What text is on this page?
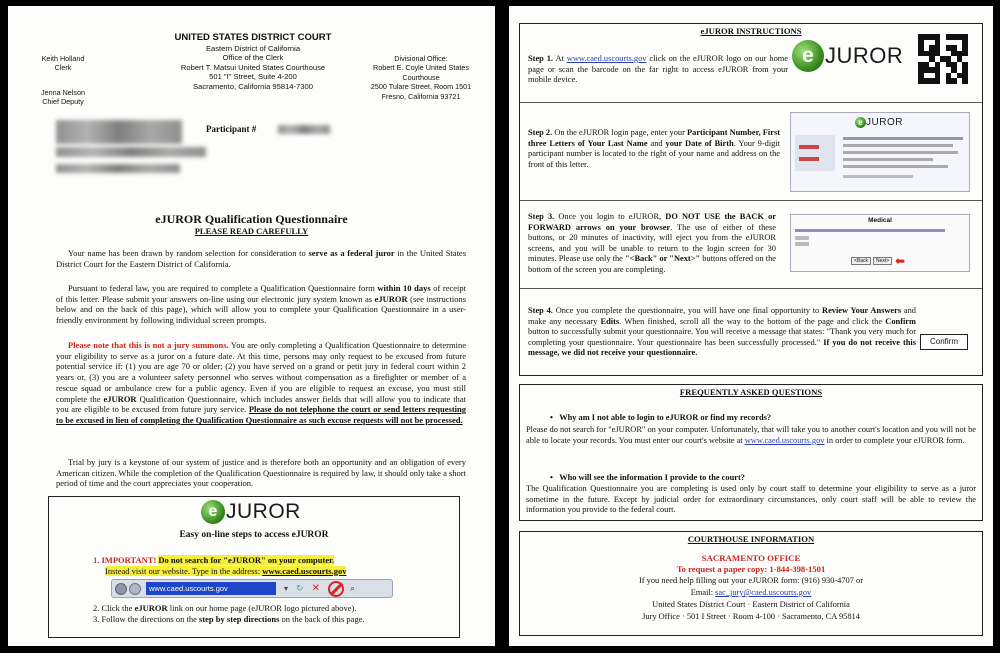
UNITED STATES DISTRICT COURT
Eastern District of California
Office of the Clerk
Robert T. Matsui United States Courthouse
501 "I" Street, Suite 4-200
Sacramento, California 95814-7300
Keith Holland
Clerk
Jenna Nelson
Chief Deputy
Divisional Office:
Robert E. Coyle United States
Courthouse
2500 Tulare Street, Room 1501
Fresno, California 93721
Participant #
eJUROR Qualification Questionnaire
PLEASE READ CAREFULLY

Your name has been drawn by random selection for consideration to serve as a federal juror in the United States District Court for the Eastern District of California.

Pursuant to federal law, you are required to complete a Qualification Questionnaire form within 10 days of receipt of this letter. Please submit your answers on-line using our electronic jury system known as eJUROR (see instructions below and on the back of this page), which will allow you to complete your Qualification Questionnaire in a user-friendly environment by following individual screen prompts.

Please note that this is not a jury summons. You are only completing a Qualification Questionnaire to determine your eligibility to serve as a juror on a future date. At this time, persons may only request to be excused from future potential service if: (1) you are age 70 or older; (2) you have served on a grand or petit jury in federal court within 2 years or, (3) you are a volunteer safety personnel who serves without compensation as a firefighter or member of a rescue squad or ambulance crew for a public agency. Even if you are eligible to request an excuse, you must still complete the eJUROR Qualification Questionnaire, which includes answer fields that will allow you to indicate that you are eligible to be excused from future jury service. Please do not telephone the court or send letters requesting to be excused in lieu of completing the Qualification Questionnaire as such excuse requests will not be processed.

Trial by jury is a keystone of our system of justice and is therefore both an opportunity and an obligation of every American citizen. While the completion of the Qualification Questionnaire is required by law, it should only take a short period of time and the court appreciates your cooperation.

e JUROR
Easy on-line steps to access eJUROR
1. IMPORTANT! Do not search for "eJUROR" on your computer.
Instead visit our website. Type in the address: www.caed.uscourts.gov
www.caed.uscourts.gov	▾ ↻ ✕	⌕
2. Click the eJUROR link on our home page (eJUROR logo pictured above).
3. Follow the directions on the step by step directions on the back of this page.
eJUROR INSTRUCTIONS
Step 1. At www.caed.uscourts.gov click on the eJUROR logo on our home page or scan the barcode on the far right to access eJUROR from your mobile device.
e JUROR
Step 2. On the eJUROR login page, enter your Participant Number, First three Letters of Your Last Name and your Date of Birth. Your 9-digit participant number is located to the right of your name and address on the front of this letter.
e JUROR
Step 3. Once you login to eJUROR, DO NOT USE the BACK or FORWARD arrows on your browser. The use of either of these buttons, or 20 minutes of inactivity, will eject you from the eJUROR screens, and you will be unable to return to the login screen for 30 minutes. Please use only the "<Back" or "Next>" buttons offered on the bottom of the screen you are completing.
Medical
<Back	Next> ⬅
Step 4. Once you complete the questionnaire, you will have one final opportunity to Review Your Answers and make any necessary Edits. When finished, scroll all the way to the bottom of the page and click the Confirm button to successfully submit your questionnaire. You will receive a message that states: "Thank you very much for completing your questionnaire. Your questionnaire has been successfully processed." If you do not receive this message, we did not receive your questionnaire.
Confirm
FREQUENTLY ASKED QUESTIONS
•   Why am I not able to login to eJUROR or find my records?
Please do not search for "eJUROR" on your computer. Unfortunately, that will take you to another court's location and you will not be able to locate your records. You must enter our court's website at www.caed.uscourts.gov in order to complete your eJUROR form.
•   Who will see the information I provide to the court?
The Qualification Questionnaire you are completing is used only by court staff to determine your eligibility to serve as a juror sometime in the future. Except by judicial order for extraordinary circumstances, only court staff will be able to review the information you provide to the federal court.
COURTHOUSE INFORMATION
SACRAMENTO OFFICE
To request a paper copy: 1-844-398-1501
If you need help filling out your eJUROR form: (916) 930-4707 or
Email: sac_jury@caed.uscourts.gov
United States District Court · Eastern District of California
Jury Office · 501 I Street · Room 4-100 · Sacramento, CA 95814
